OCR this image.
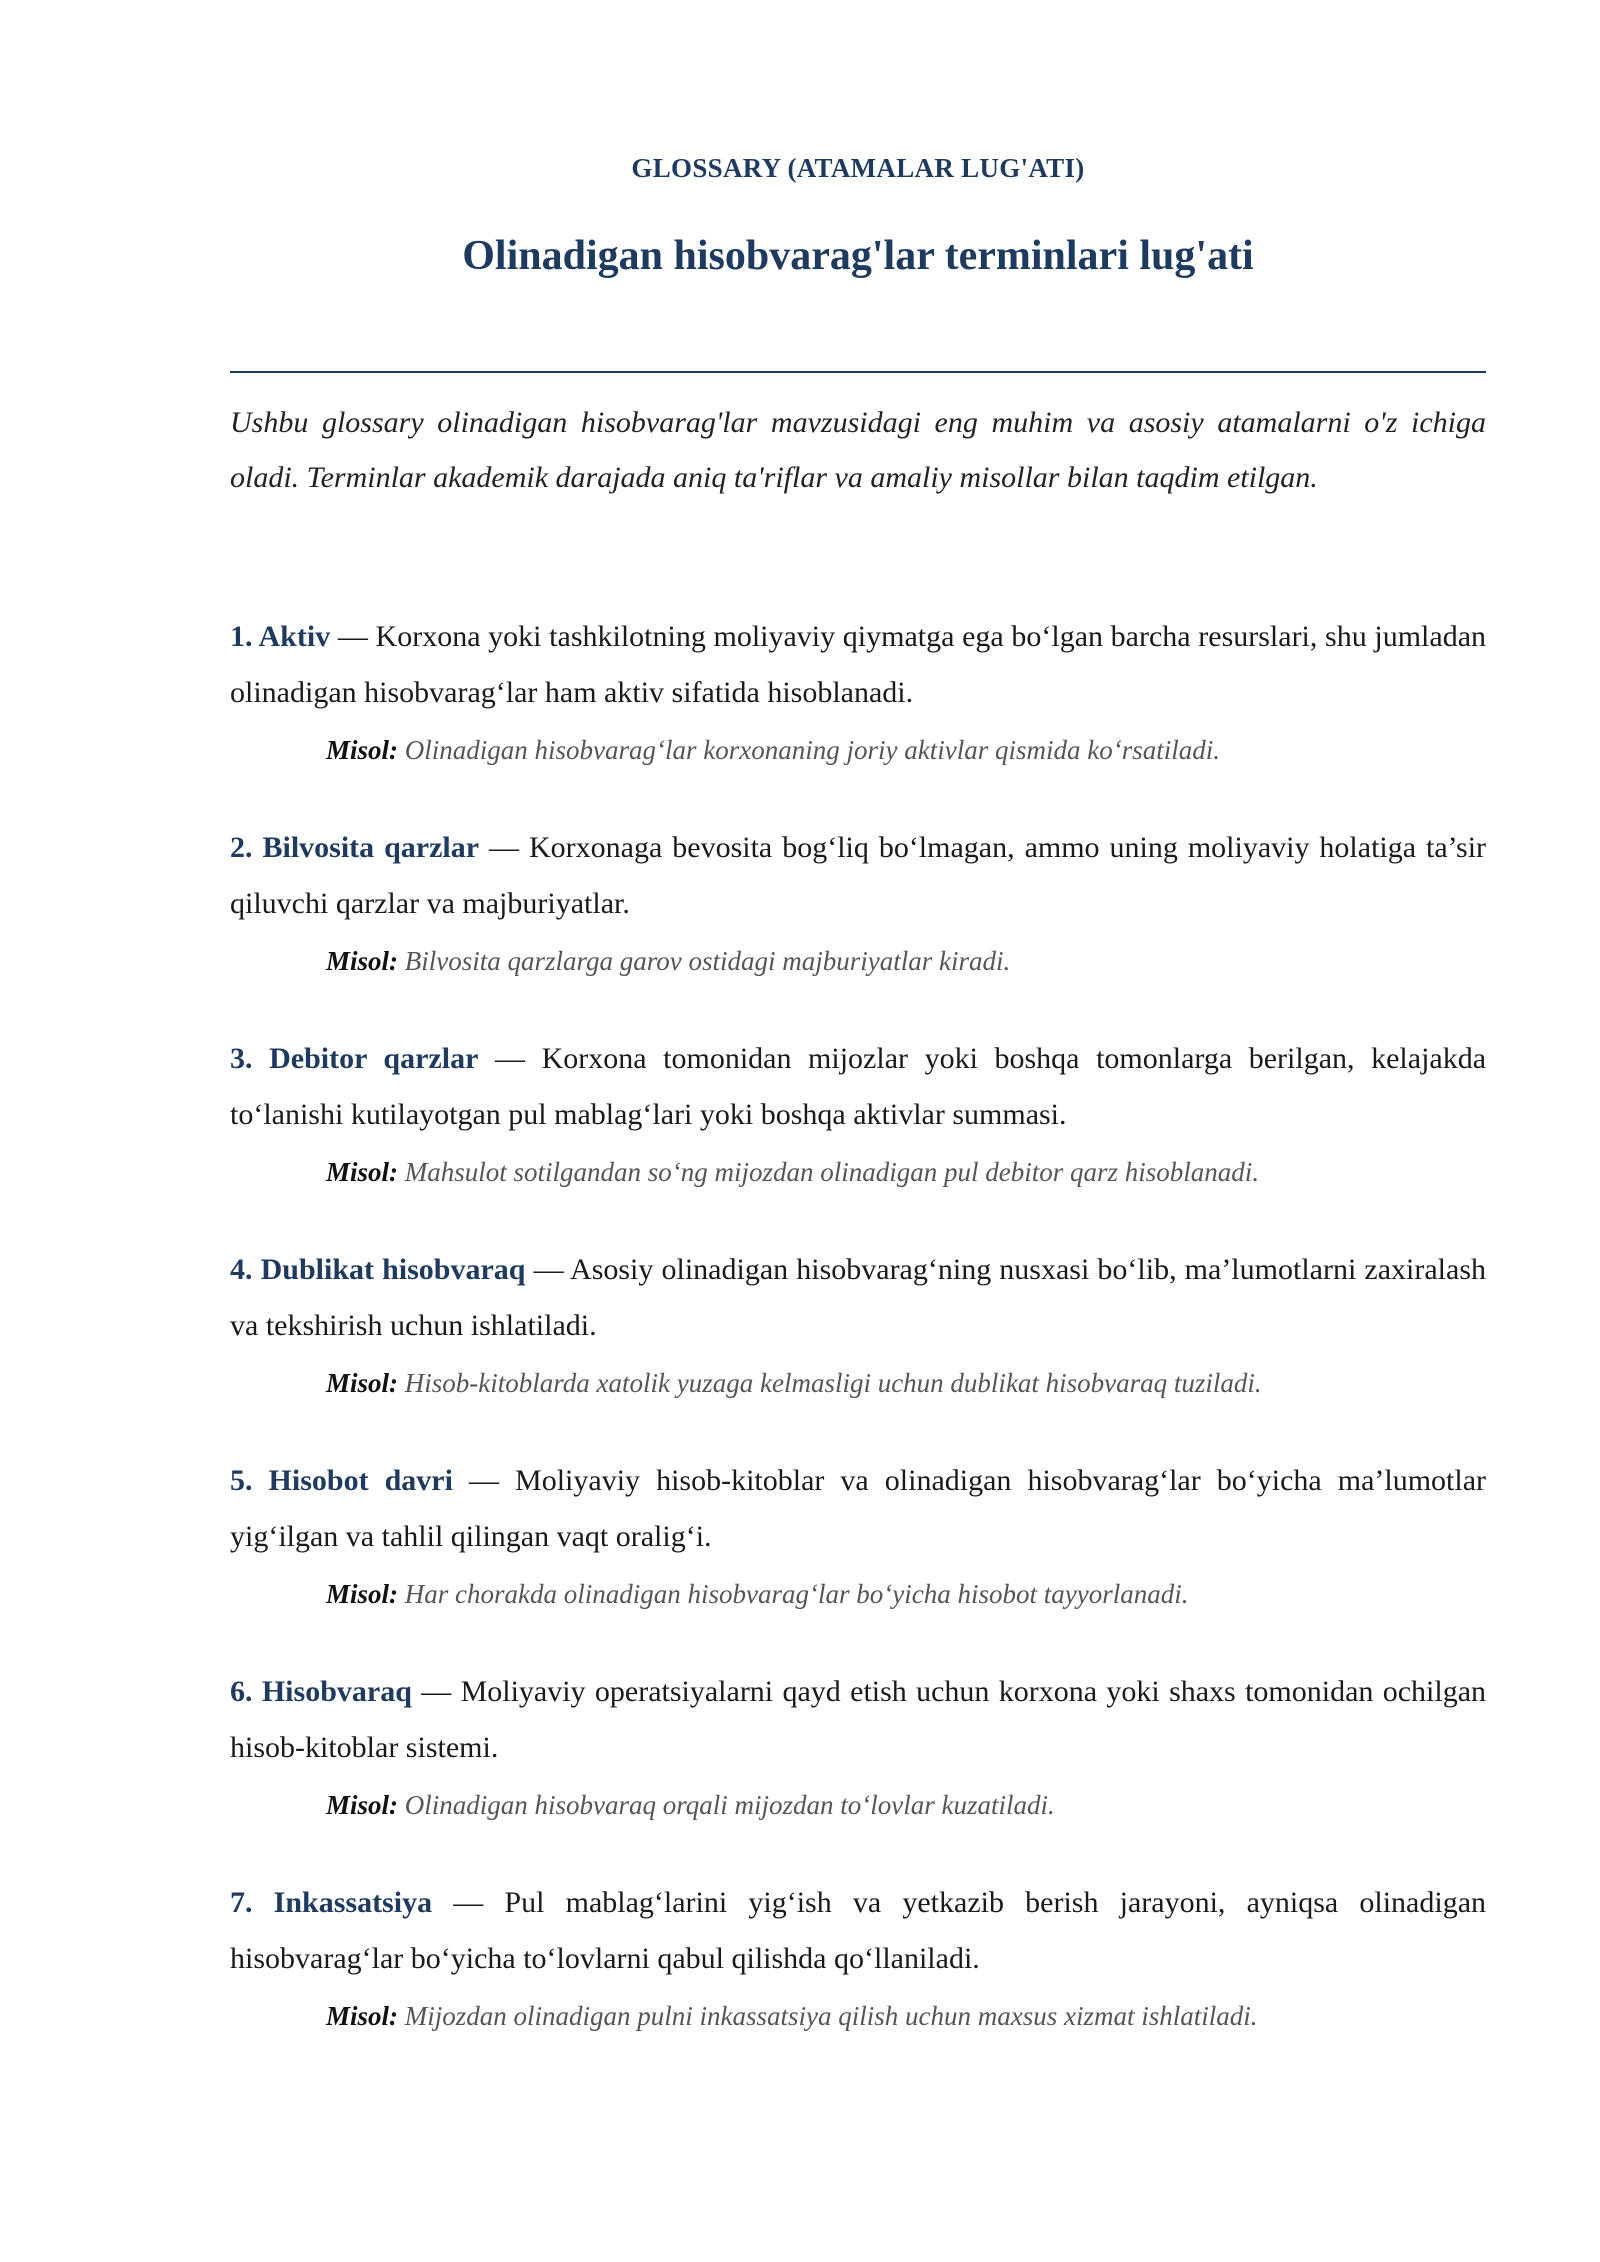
GLOSSARY (ATAMALAR LUG'ATI)
Olinadigan hisobvarag'lar terminlari lug'ati

Ushbu glossary olinadigan hisobvarag'lar mavzusidagi eng muhim va asosiy atamalarni o'z ichiga oladi. Terminlar akademik darajada aniq ta'riflar va amaliy misollar bilan taqdim etilgan.

1. Aktiv — Korxona yoki tashkilotning moliyaviy qiymatga ega bo‘lgan barcha resurslari, shu jumladan olinadigan hisobvarag‘lar ham aktiv sifatida hisoblanadi.

Misol: Olinadigan hisobvarag‘lar korxonaning joriy aktivlar qismida ko‘rsatiladi.

2. Bilvosita qarzlar — Korxonaga bevosita bog‘liq bo‘lmagan, ammo uning moliyaviy holatiga ta’sir qiluvchi qarzlar va majburiyatlar.

Misol: Bilvosita qarzlarga garov ostidagi majburiyatlar kiradi.

3. Debitor qarzlar — Korxona tomonidan mijozlar yoki boshqa tomonlarga berilgan, kelajakda to‘lanishi kutilayotgan pul mablag‘lari yoki boshqa aktivlar summasi.

Misol: Mahsulot sotilgandan so‘ng mijozdan olinadigan pul debitor qarz hisoblanadi.

4. Dublikat hisobvaraq — Asosiy olinadigan hisobvarag‘ning nusxasi bo‘lib, ma’lumotlarni zaxiralash va tekshirish uchun ishlatiladi.

Misol: Hisob-kitoblarda xatolik yuzaga kelmasligi uchun dublikat hisobvaraq tuziladi.

5. Hisobot davri — Moliyaviy hisob-kitoblar va olinadigan hisobvarag‘lar bo‘yicha ma’lumotlar yig‘ilgan va tahlil qilingan vaqt oralig‘i.

Misol: Har chorakda olinadigan hisobvarag‘lar bo‘yicha hisobot tayyorlanadi.

6. Hisobvaraq — Moliyaviy operatsiyalarni qayd etish uchun korxona yoki shaxs tomonidan ochilgan hisob-kitoblar sistemi.

Misol: Olinadigan hisobvaraq orqali mijozdan to‘lovlar kuzatiladi.

7. Inkassatsiya — Pul mablag‘larini yig‘ish va yetkazib berish jarayoni, ayniqsa olinadigan hisobvarag‘lar bo‘yicha to‘lovlarni qabul qilishda qo‘llaniladi.

Misol: Mijozdan olinadigan pulni inkassatsiya qilish uchun maxsus xizmat ishlatiladi.
